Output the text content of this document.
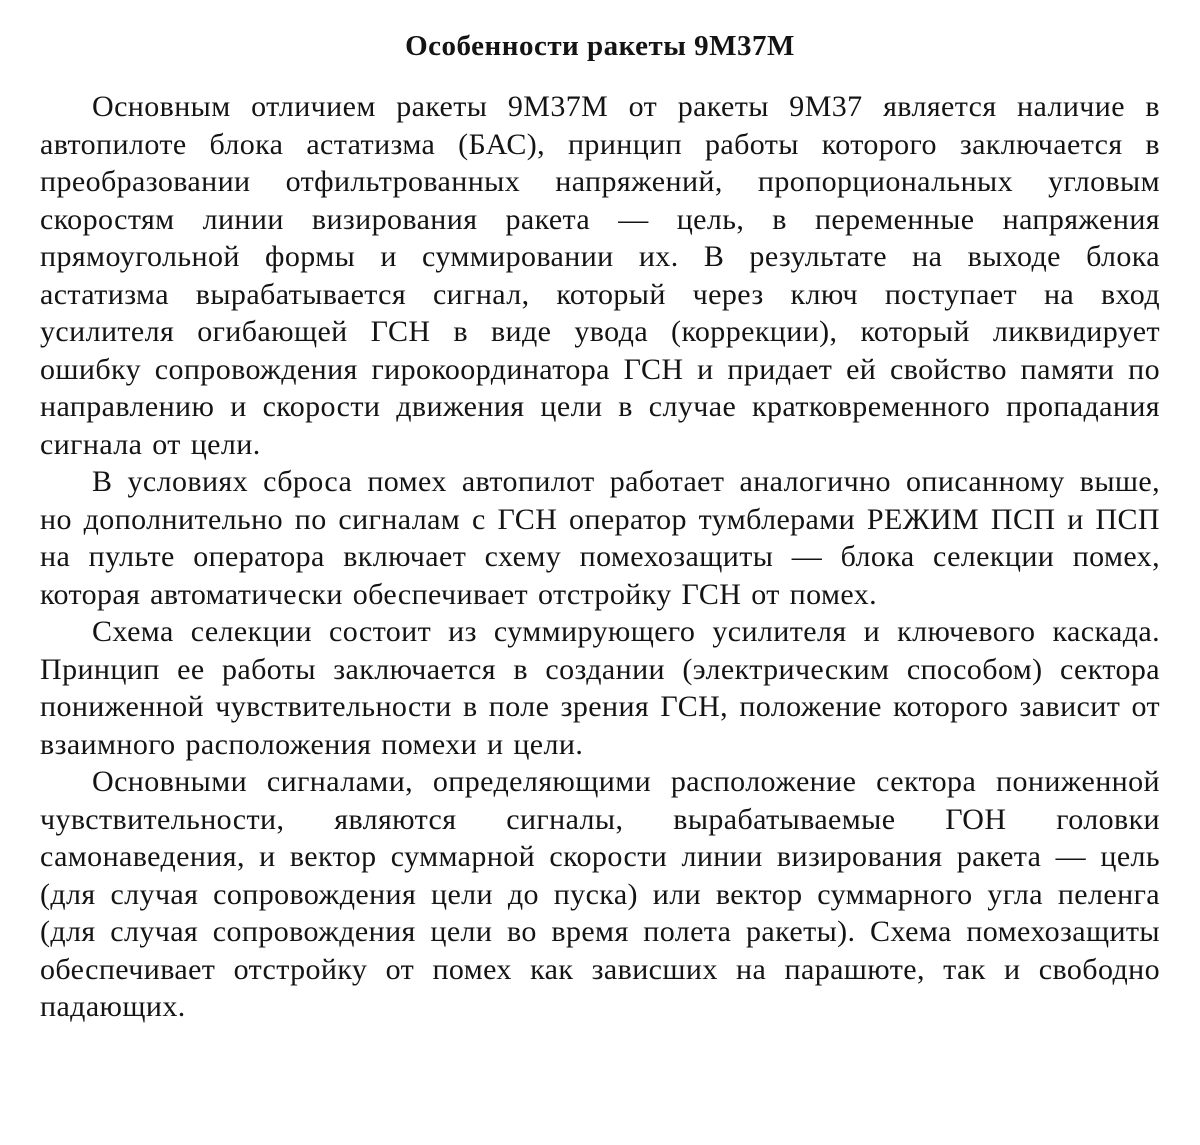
Особенности ракеты 9М37М

Основным отличием ракеты 9М37М от ракеты 9М37 является наличие в автопилоте блока астатизма (БАС), принцип работы которого заключается в преобразовании отфильтрованных напряжений, пропорциональных угловым скоростям линии визирования ракета — цель, в переменные напряжения прямоугольной формы и суммировании их. В результате на выходе блока астатизма вырабатывается сигнал, который через ключ поступает на вход усилителя огибающей ГСН в виде увода (коррекции), который ликвидирует ошибку сопровождения гирокоординатора ГСН и придает ей свойство памяти по направлению и скорости движения цели в случае кратковременного пропадания сигнала от цели.

В условиях сброса помех автопилот работает аналогично описанному выше, но дополнительно по сигналам с ГСН оператор тумблерами РЕЖИМ ПСП и ПСП на пульте оператора включает схему помехозащиты — блока селекции помех, которая автоматически обеспечивает отстройку ГСН от помех.

Схема селекции состоит из суммирующего усилителя и ключевого каскада. Принцип ее работы заключается в создании (электрическим способом) сектора пониженной чувствительности в поле зрения ГСН, положение которого зависит от взаимного расположения помехи и цели.

Основными сигналами, определяющими расположение сектора пониженной чувствительности, являются сигналы, вырабатываемые ГОН головки самонаведения, и вектор суммарной скорости линии визирования ракета — цель (для случая сопровождения цели до пуска) или вектор суммарного угла пеленга (для случая сопровождения цели во время полета ракеты). Схема помехозащиты обеспечивает отстройку от помех как зависших на парашюте, так и свободно падающих.
